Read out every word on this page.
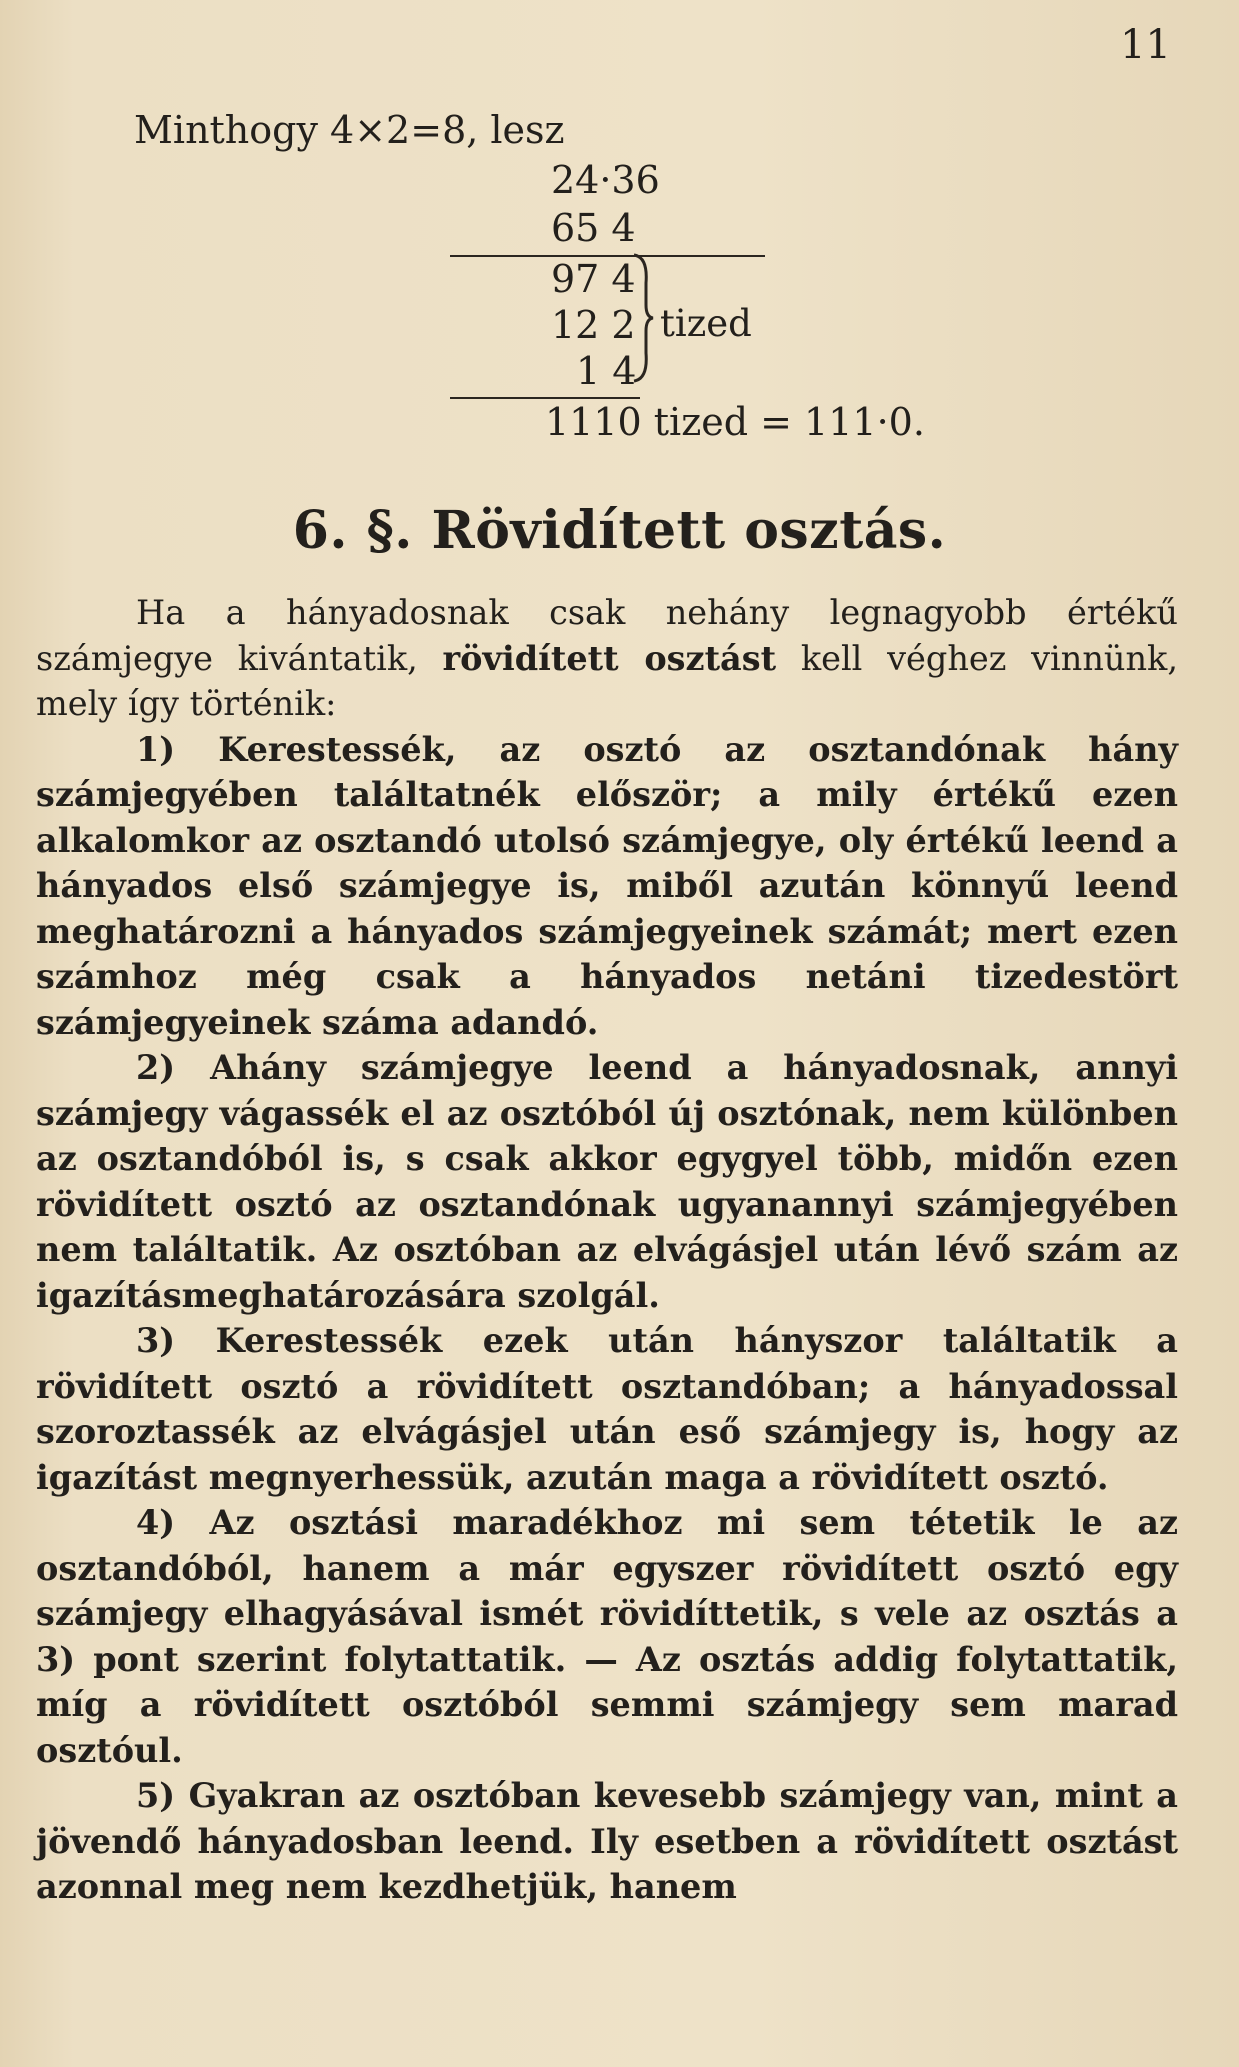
11
Minthogy 4×2=8, lesz
24·36
65 4
97 4
12 2
1 4
tized
1110 tized = 111·0.
6. §. Rövidített osztás.

Ha a hányadosnak csak nehány legnagyobb értékű számjegye kivántatik, rövidített osztást kell véghez vinnünk, mely így történik:

1) Kerestessék, az osztó az osztandónak hány számjegyében találtatnék először; a mily értékű ezen alkalomkor az osztandó utolsó számjegye, oly értékű leend a hányados első számjegye is, miből azután könnyű leend meghatározni a hányados számjegyeinek számát; mert ezen számhoz még csak a hányados netáni tizedestört számjegyeinek száma adandó.

2) Ahány számjegye leend a hányadosnak, annyi számjegy vágassék el az osztóból új osztónak, nem különben az osztandóból is, s csak akkor egygyel több, midőn ezen rövidített osztó az osztandónak ugyanannyi számjegyében nem találtatik. Az osztóban az elvágásjel után lévő szám az igazításmeghatározására szolgál.

3) Kerestessék ezek után hányszor találtatik a rövidített osztó a rövidített osztandóban; a hányadossal szoroztassék az elvágásjel után eső számjegy is, hogy az igazítást megnyerhessük, azután maga a rövidített osztó.

4) Az osztási maradékhoz mi sem tétetik le az osztandóból, hanem a már egyszer rövidített osztó egy számjegy elhagyásával ismét rövidíttetik, s vele az osztás a 3) pont szerint folytattatik. — Az osztás addig folytattatik, míg a rövidített osztóból semmi számjegy sem marad osztóul.

5) Gyakran az osztóban kevesebb számjegy van, mint a jövendő hányadosban leend. Ily esetben a rövidített osztást azonnal meg nem kezdhetjük, hanem
